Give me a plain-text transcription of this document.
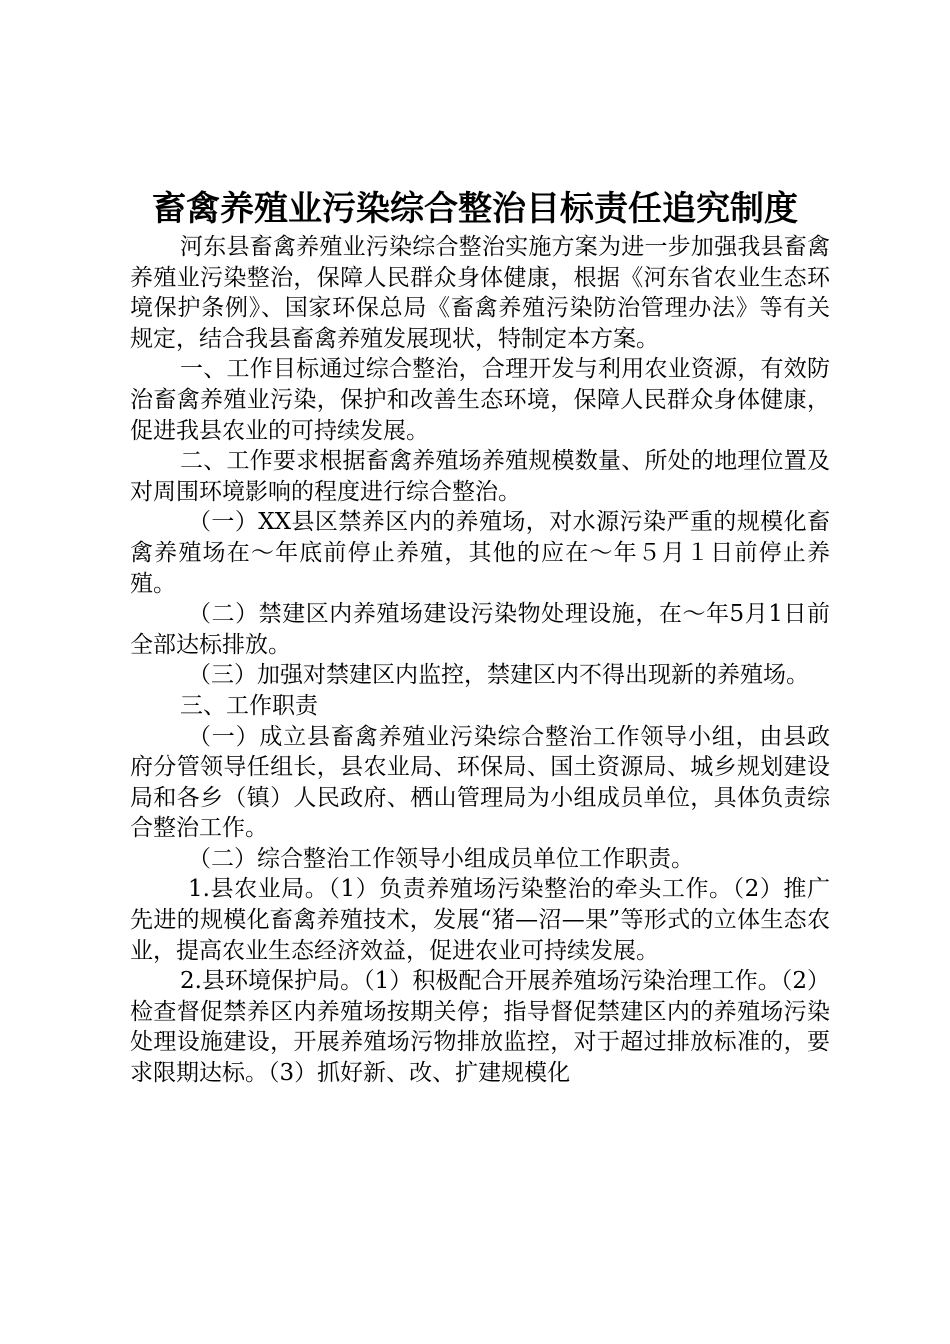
畜禽养殖业污染综合整治目标责任追究制度

河东县畜禽养殖业污染综合整治实施方案为进一步加强我县畜禽养殖业污染整治，保障人民群众身体健康，根据《河东省农业生态环境保护条例》、国家环保总局《畜禽养殖污染防治管理办法》等有关规定，结合我县畜禽养殖发展现状，特制定本方案。

一、工作目标通过综合整治，合理开发与利用农业资源，有效防治畜禽养殖业污染，保护和改善生态环境，保障人民群众身体健康，促进我县农业的可持续发展。

二、工作要求根据畜禽养殖场养殖规模数量、所处的地理位置及对周围环境影响的程度进行综合整治。

（一）XX县区禁养区内的养殖场，对水源污染严重的规模化畜禽养殖场在～年底前停止养殖，其他的应在～年５月１日前停止养殖。

（二）禁建区内养殖场建设污染物处理设施，在～年5月1日前全部达标排放。

（三）加强对禁建区内监控，禁建区内不得出现新的养殖场。

三、工作职责

（一）成立县畜禽养殖业污染综合整治工作领导小组，由县政府分管领导任组长，县农业局、环保局、国土资源局、城乡规划建设局和各乡（镇）人民政府、栖山管理局为小组成员单位，具体负责综合整治工作。

（二）综合整治工作领导小组成员单位工作职责。

1.县农业局。（1）负责养殖场污染整治的牵头工作。（2）推广先进的规模化畜禽养殖技术，发展“猪—沼—果”等形式的立体生态农业，提高农业生态经济效益，促进农业可持续发展。

2.县环境保护局。（1）积极配合开展养殖场污染治理工作。（2）检查督促禁养区内养殖场按期关停；指导督促禁建区内的养殖场污染处理设施建设，开展养殖场污物排放监控，对于超过排放标准的，要求限期达标。（3）抓好新、改、扩建规模化
